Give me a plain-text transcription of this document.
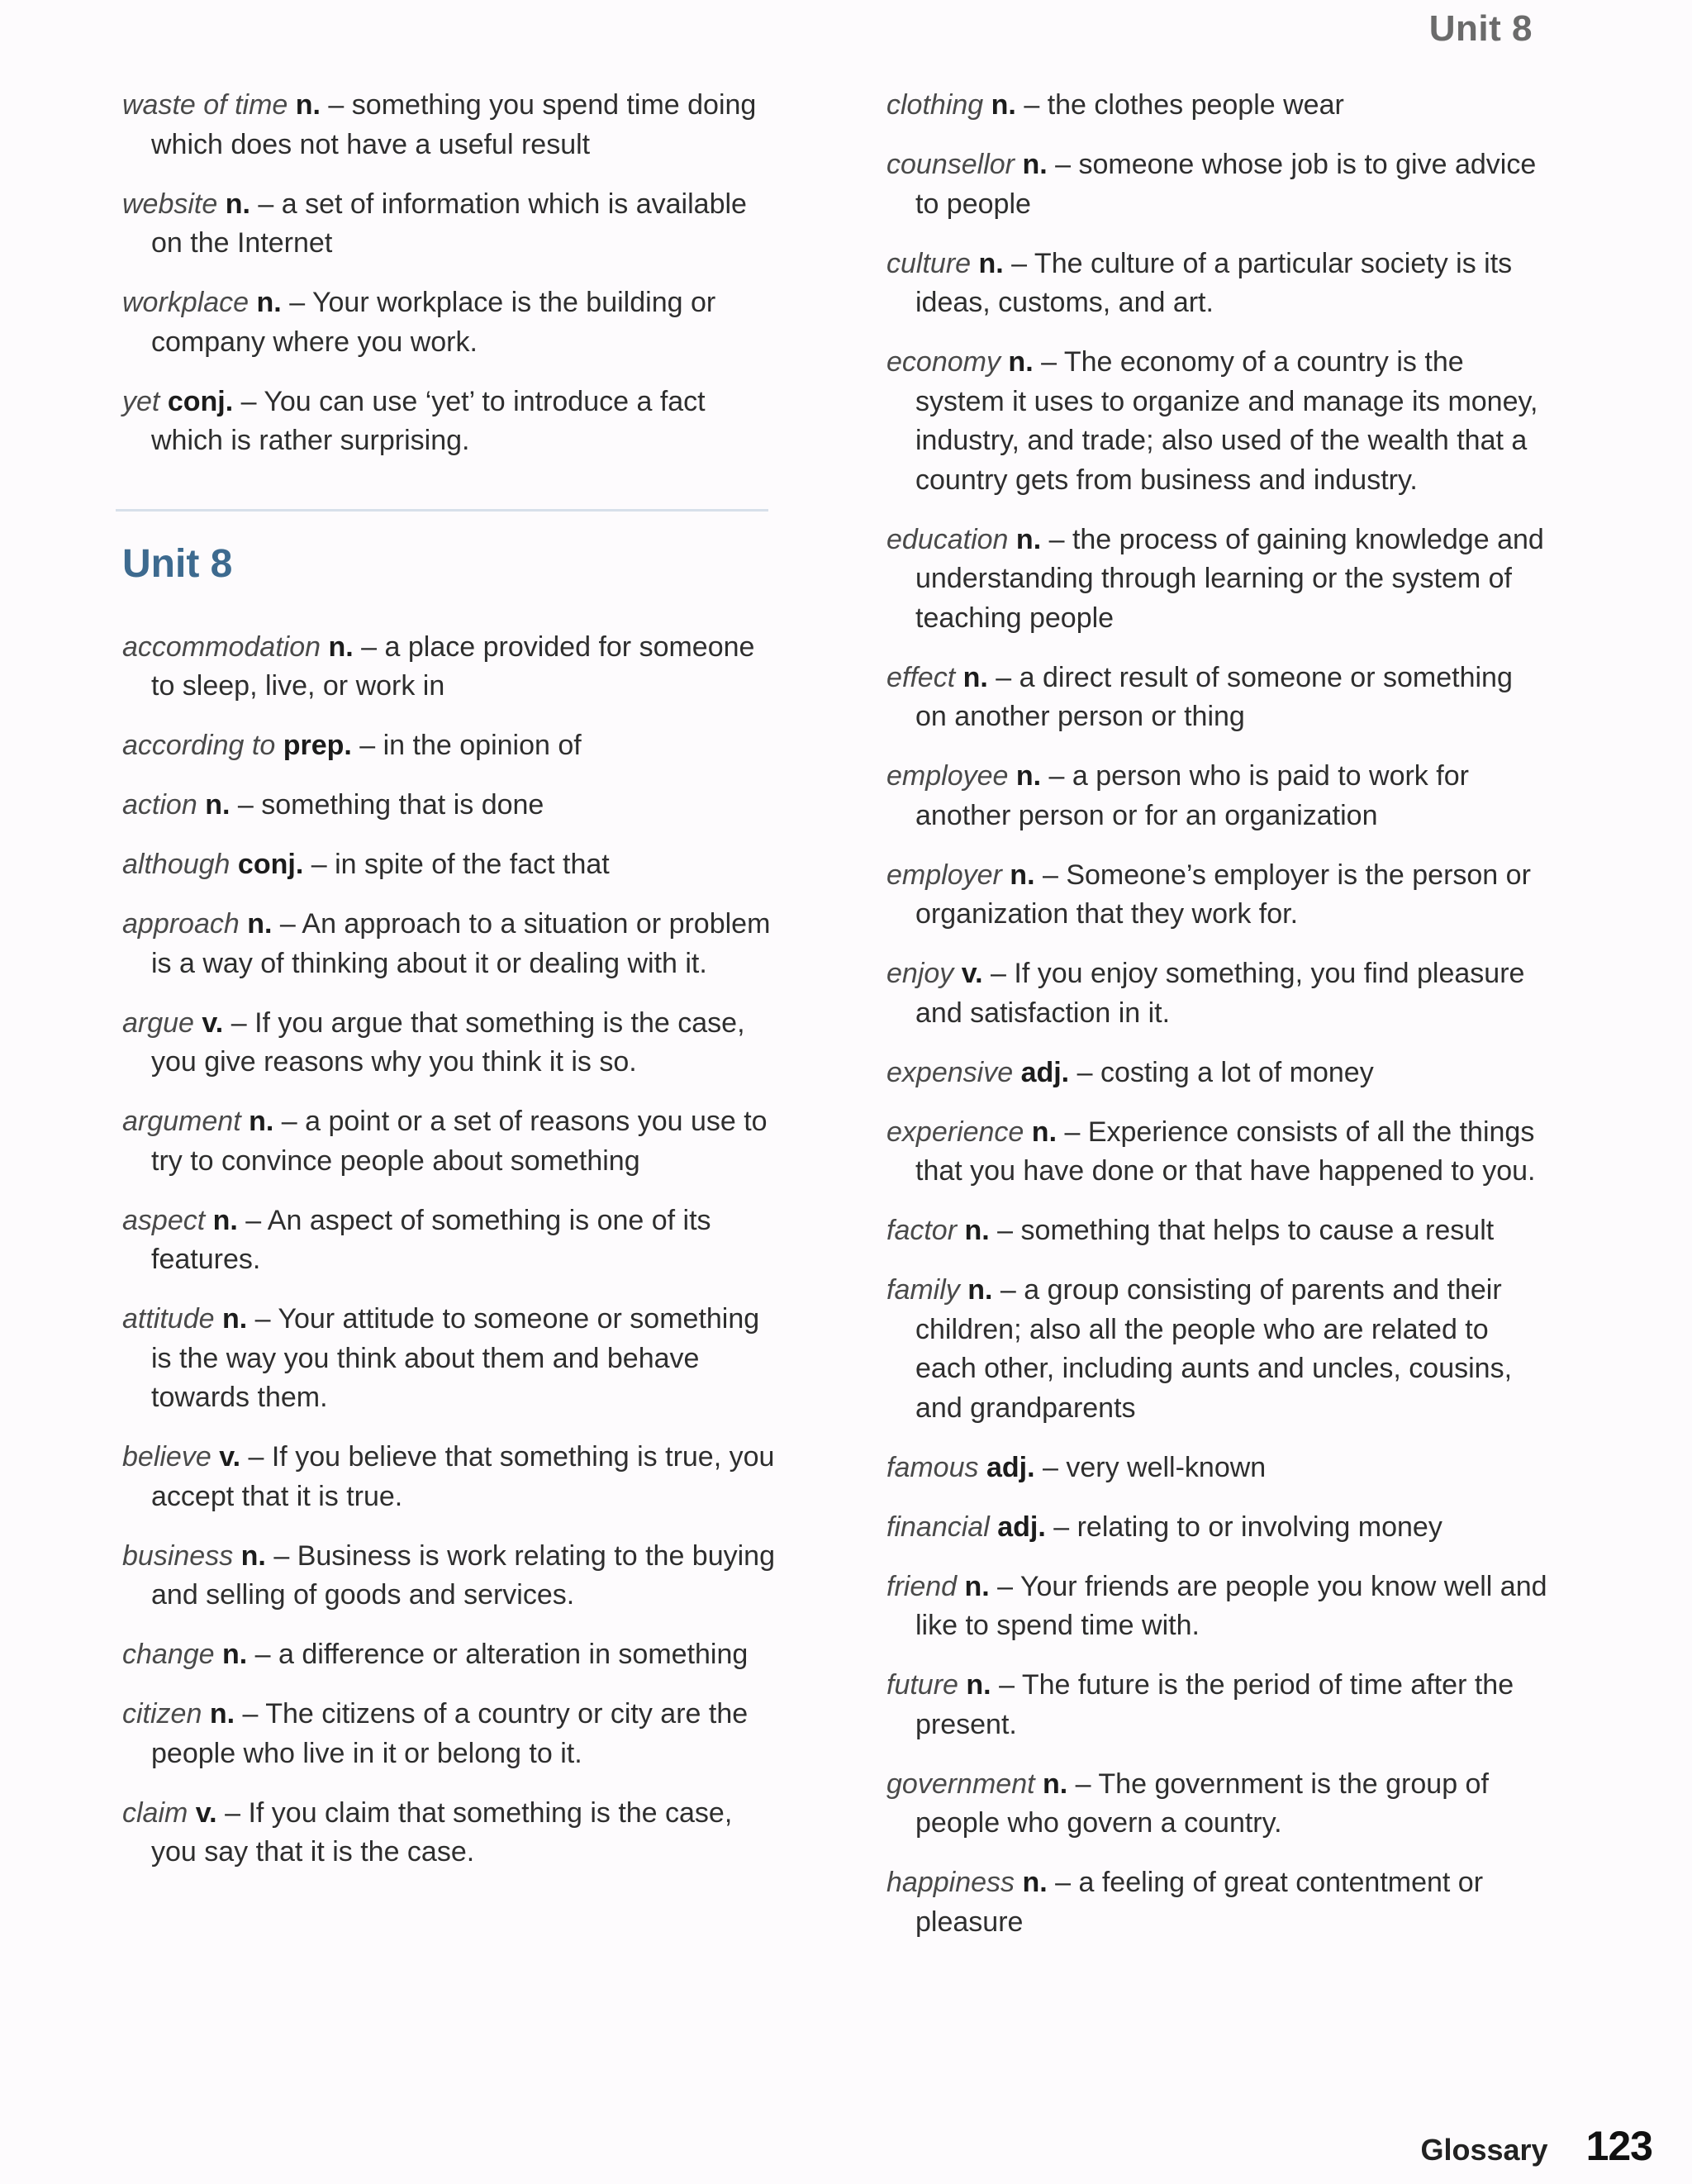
Unit 8

waste of time n. – something you spend time doing which does not have a useful result

website n. – a set of information which is available on the Internet

workplace n. – Your workplace is the building or company where you work.

yet conj. – You can use ‘yet’ to introduce a fact which is rather surprising.

Unit 8

accommodation n. – a place provided for someone to sleep, live, or work in

according to prep. – in the opinion of

action n. – something that is done

although conj. – in spite of the fact that

approach n. – An approach to a situation or problem is a way of thinking about it or dealing with it.

argue v. – If you argue that something is the case, you give reasons why you think it is so.

argument n. – a point or a set of reasons you use to try to convince people about something

aspect n. – An aspect of something is one of its features.

attitude n. – Your attitude to someone or something is the way you think about them and behave towards them.

believe v. – If you believe that something is true, you accept that it is true.

business n. – Business is work relating to the buying and selling of goods and services.

change n. – a difference or alteration in something

citizen n. – The citizens of a country or city are the people who live in it or belong to it.

claim v. – If you claim that something is the case, you say that it is the case.

clothing n. – the clothes people wear

counsellor n. – someone whose job is to give advice to people

culture n. – The culture of a particular society is its ideas, customs, and art.

economy n. – The economy of a country is the system it uses to organize and manage its money, industry, and trade; also used of the wealth that a country gets from business and industry.

education n. – the process of gaining knowledge and understanding through learning or the system of teaching people

effect n. – a direct result of someone or something on another person or thing

employee n. – a person who is paid to work for another person or for an organization

employer n. – Someone’s employer is the person or organization that they work for.

enjoy v. – If you enjoy something, you find pleasure and satisfaction in it.

expensive adj. – costing a lot of money

experience n. – Experience consists of all the things that you have done or that have happened to you.

factor n. – something that helps to cause a result

family n. – a group consisting of parents and their children; also all the people who are related to each other, including aunts and uncles, cousins, and grandparents

famous adj. – very well-known

financial adj. – relating to or involving money

friend n. – Your friends are people you know well and like to spend time with.

future n. – The future is the period of time after the present.

government n. – The government is the group of people who govern a country.

happiness n. – a feeling of great contentment or pleasure

Glossary 123
